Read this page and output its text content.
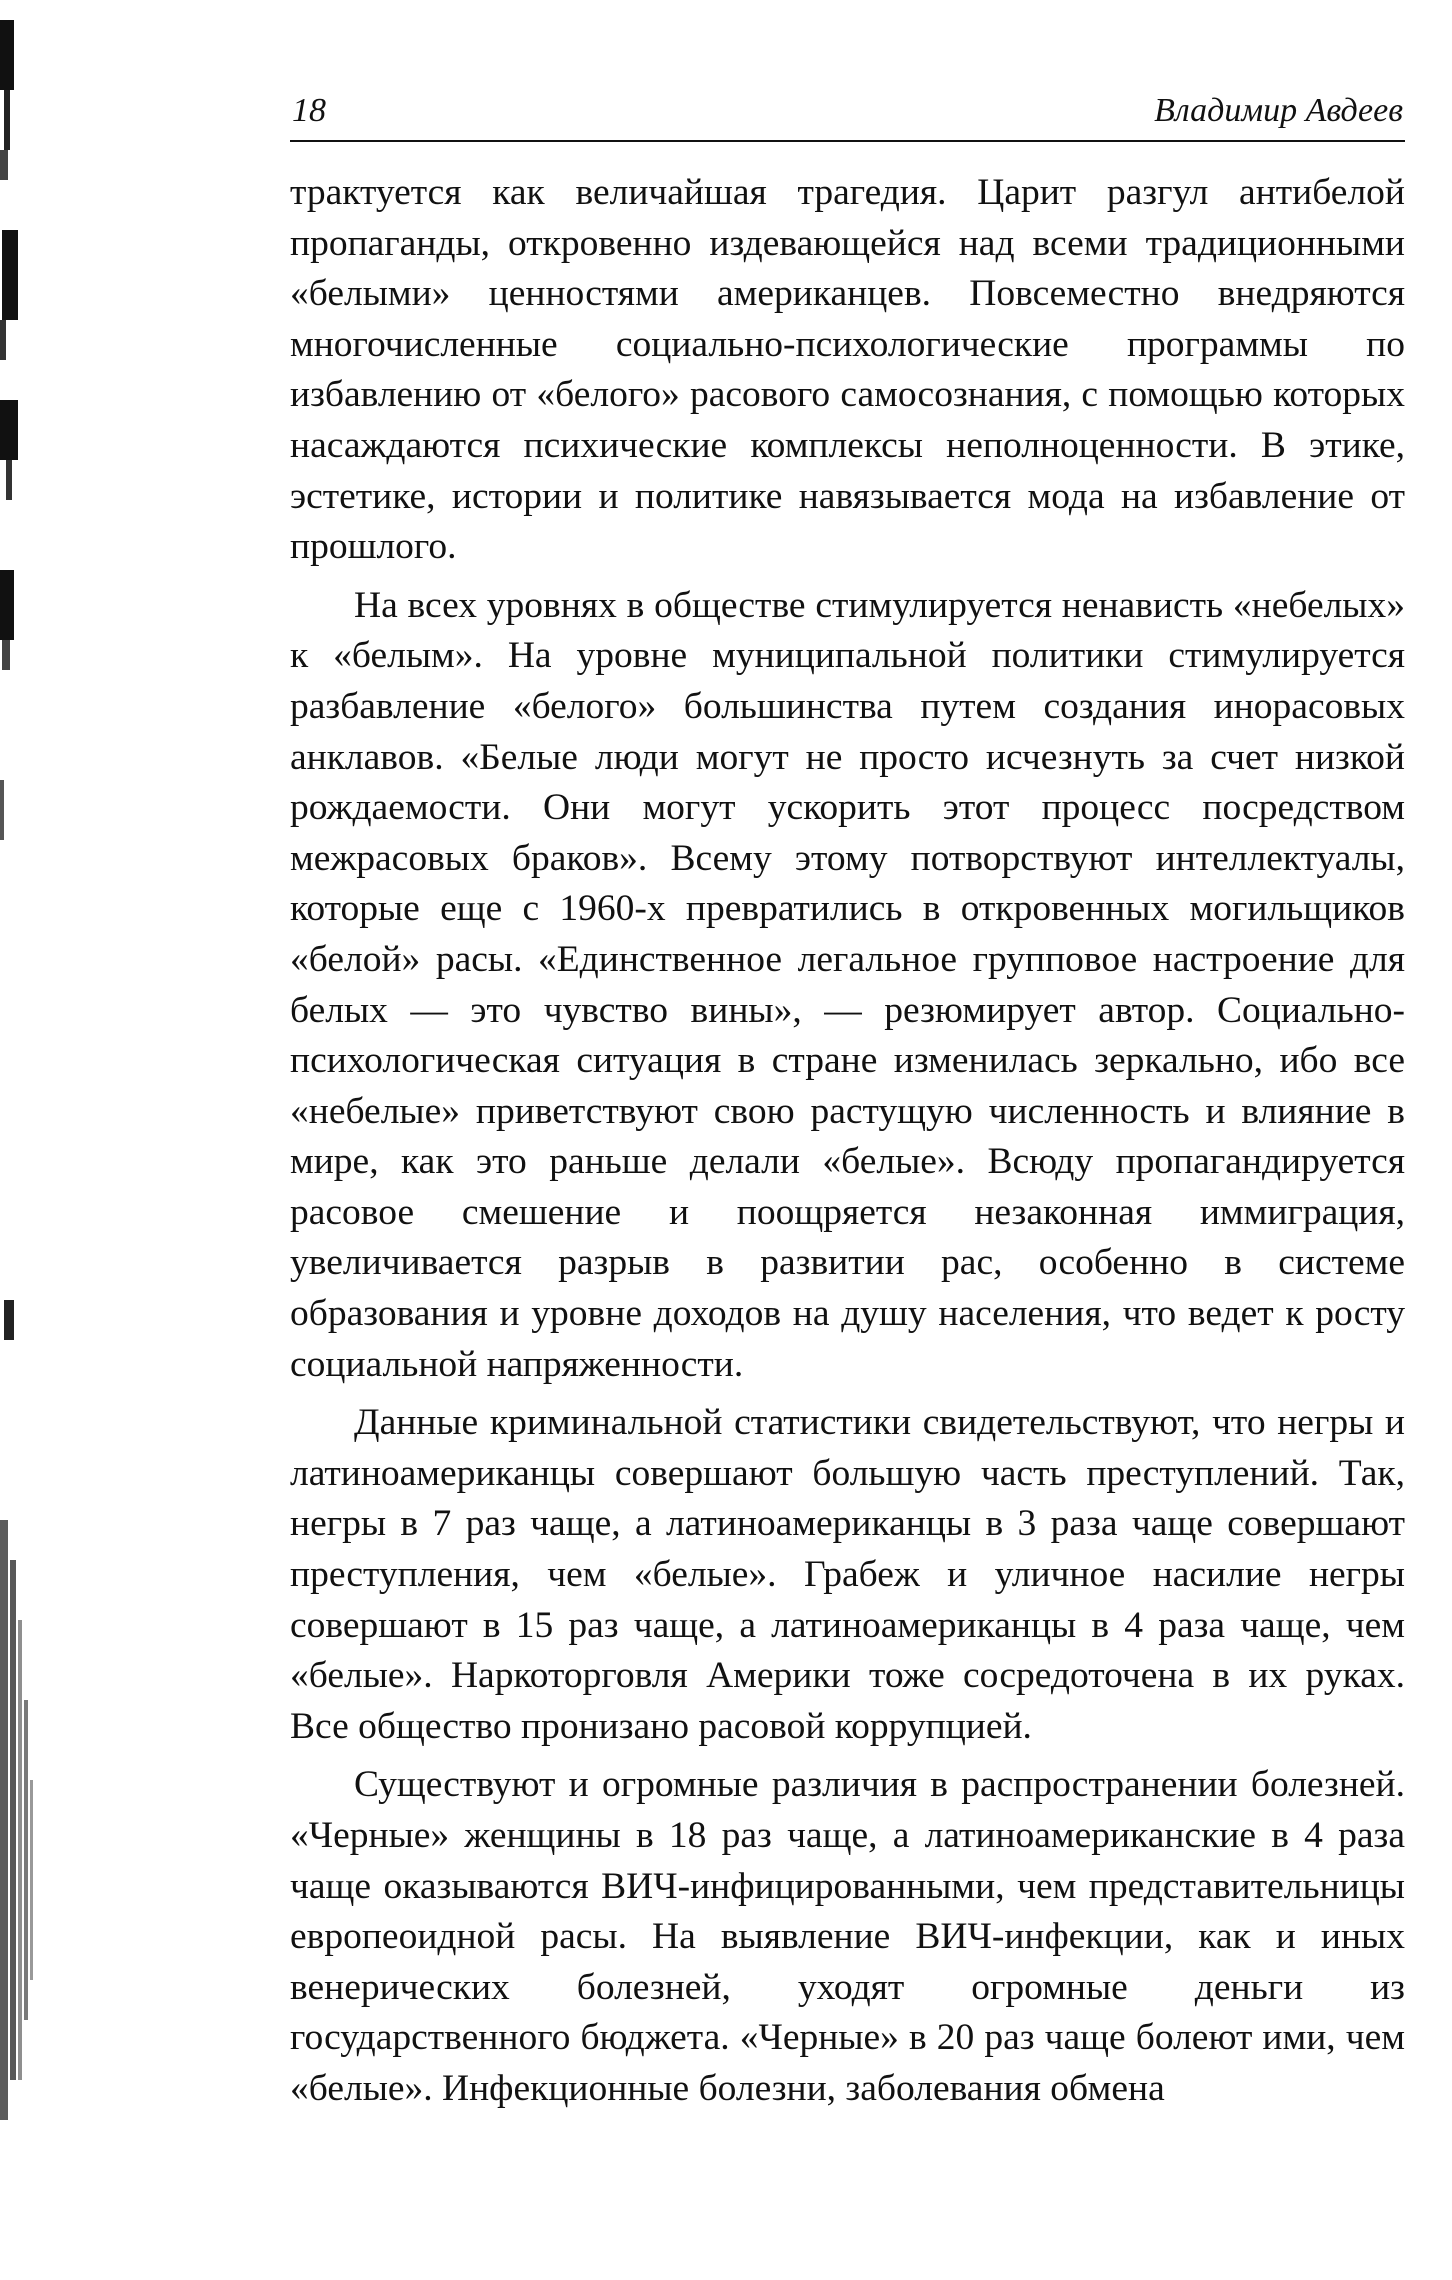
18	Владимир Авдеев

трактуется как величайшая трагедия. Царит разгул антибелой пропаганды, откровенно издевающейся над всеми традиционными «белыми» ценностями американцев. Повсеместно внедряются многочисленные социально-психологические программы по избавлению от «белого» расового самосознания, с помощью которых насаждаются психические комплексы неполноценности. В этике, эстетике, истории и политике навязывается мода на избавление от прошлого.

На всех уровнях в обществе стимулируется ненависть «небелых» к «белым». На уровне муниципальной политики стимулируется разбавление «белого» большинства путем создания инорасовых анклавов. «Белые люди могут не просто исчезнуть за счет низкой рождаемости. Они могут ускорить этот процесс посредством межрасовых браков». Всему этому потворствуют интеллектуалы, которые еще с 1960-х превратились в откровенных могильщиков «белой» расы. «Единственное легальное групповое настроение для белых — это чувство вины», — резюмирует автор. Социально-психологическая ситуация в стране изменилась зеркально, ибо все «небелые» приветствуют свою растущую численность и влияние в мире, как это раньше делали «белые». Всюду пропагандируется расовое смешение и поощряется незаконная иммиграция, увеличивается разрыв в развитии рас, особенно в системе образования и уровне доходов на душу населения, что ведет к росту социальной напряженности.

Данные криминальной статистики свидетельствуют, что негры и латиноамериканцы совершают большую часть преступлений. Так, негры в 7 раз чаще, а латиноамериканцы в 3 раза чаще совершают преступления, чем «белые». Грабеж и уличное насилие негры совершают в 15 раз чаще, а латиноамериканцы в 4 раза чаще, чем «белые». Наркоторговля Америки тоже сосредоточена в их руках. Все общество пронизано расовой коррупцией.

Существуют и огромные различия в распространении болезней. «Черные» женщины в 18 раз чаще, а латиноамериканские в 4 раза чаще оказываются ВИЧ-инфицированными, чем представительницы европеоидной расы. На выявление ВИЧ-инфекции, как и иных венерических болезней, уходят огромные деньги из государственного бюджета. «Черные» в 20 раз чаще болеют ими, чем «белые». Инфекционные болезни, заболевания обмена
